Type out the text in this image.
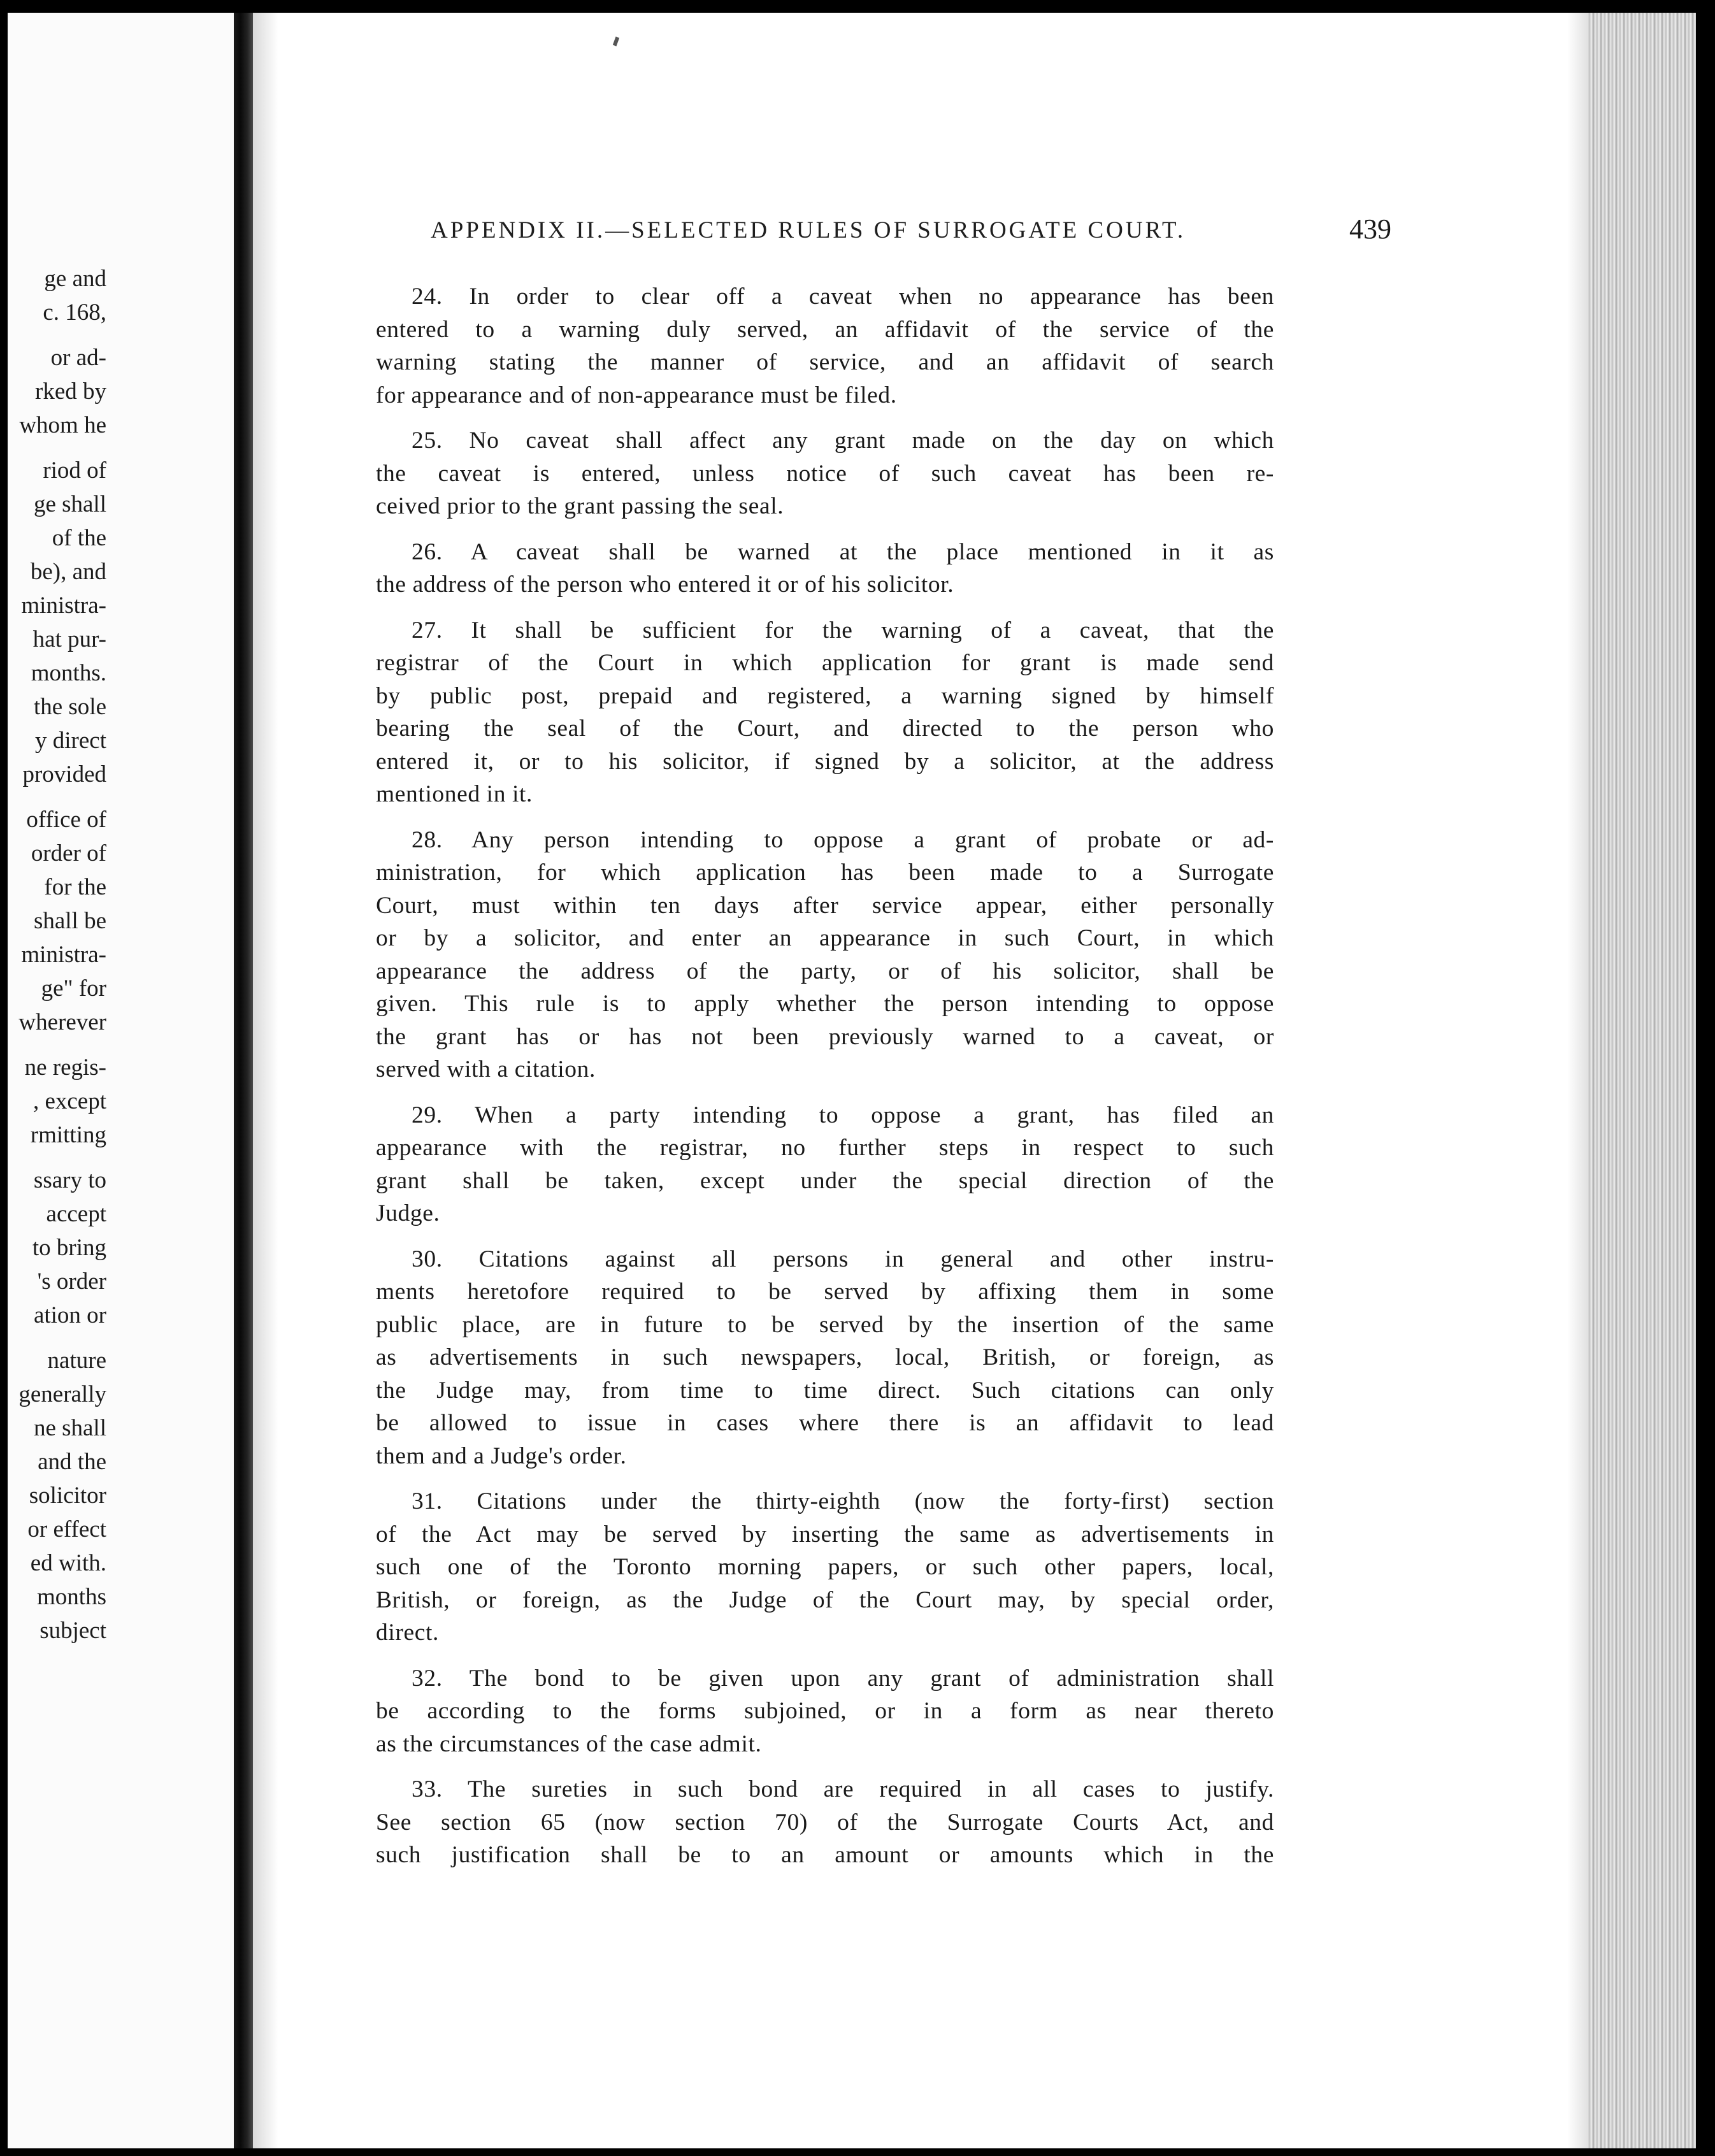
ge and
c. 168,
or ad-
rked by
whom he
riod of
ge shall
of the
be), and
ministra-
hat pur-
months.
the sole
y direct
provided
office of
order of
for the
shall be
ministra-
ge" for
wherever
ne regis-
, except
rmitting
ssary to
accept
to bring
's order
ation or
nature
generally
ne shall
and the
solicitor
or effect
ed with.
months
subject
APPENDIX II.—SELECTED RULES OF SURROGATE COURT.	439
24. In order to clear off a caveat when no appearance has been
entered to a warning duly served, an affidavit of the service of the
warning stating the manner of service, and an affidavit of search
for appearance and of non-appearance must be filed.
25. No caveat shall affect any grant made on the day on which
the caveat is entered, unless notice of such caveat has been re-
ceived prior to the grant passing the seal.
26. A caveat shall be warned at the place mentioned in it as
the address of the person who entered it or of his solicitor.
27. It shall be sufficient for the warning of a caveat, that the
registrar of the Court in which application for grant is made send
by public post, prepaid and registered, a warning signed by himself
bearing the seal of the Court, and directed to the person who
entered it, or to his solicitor, if signed by a solicitor, at the address
mentioned in it.
28. Any person intending to oppose a grant of probate or ad-
ministration, for which application has been made to a Surrogate
Court, must within ten days after service appear, either personally
or by a solicitor, and enter an appearance in such Court, in which
appearance the address of the party, or of his solicitor, shall be
given. This rule is to apply whether the person intending to oppose
the grant has or has not been previously warned to a caveat, or
served with a citation.
29. When a party intending to oppose a grant, has filed an
appearance with the registrar, no further steps in respect to such
grant shall be taken, except under the special direction of the
Judge.
30. Citations against all persons in general and other instru-
ments heretofore required to be served by affixing them in some
public place, are in future to be served by the insertion of the same
as advertisements in such newspapers, local, British, or foreign, as
the Judge may, from time to time direct. Such citations can only
be allowed to issue in cases where there is an affidavit to lead
them and a Judge's order.
31. Citations under the thirty-eighth (now the forty-first) section
of the Act may be served by inserting the same as advertisements in
such one of the Toronto morning papers, or such other papers, local,
British, or foreign, as the Judge of the Court may, by special order,
direct.
32. The bond to be given upon any grant of administration shall
be according to the forms subjoined, or in a form as near thereto
as the circumstances of the case admit.
33. The sureties in such bond are required in all cases to justify.
See section 65 (now section 70) of the Surrogate Courts Act, and
such justification shall be to an amount or amounts which in the
